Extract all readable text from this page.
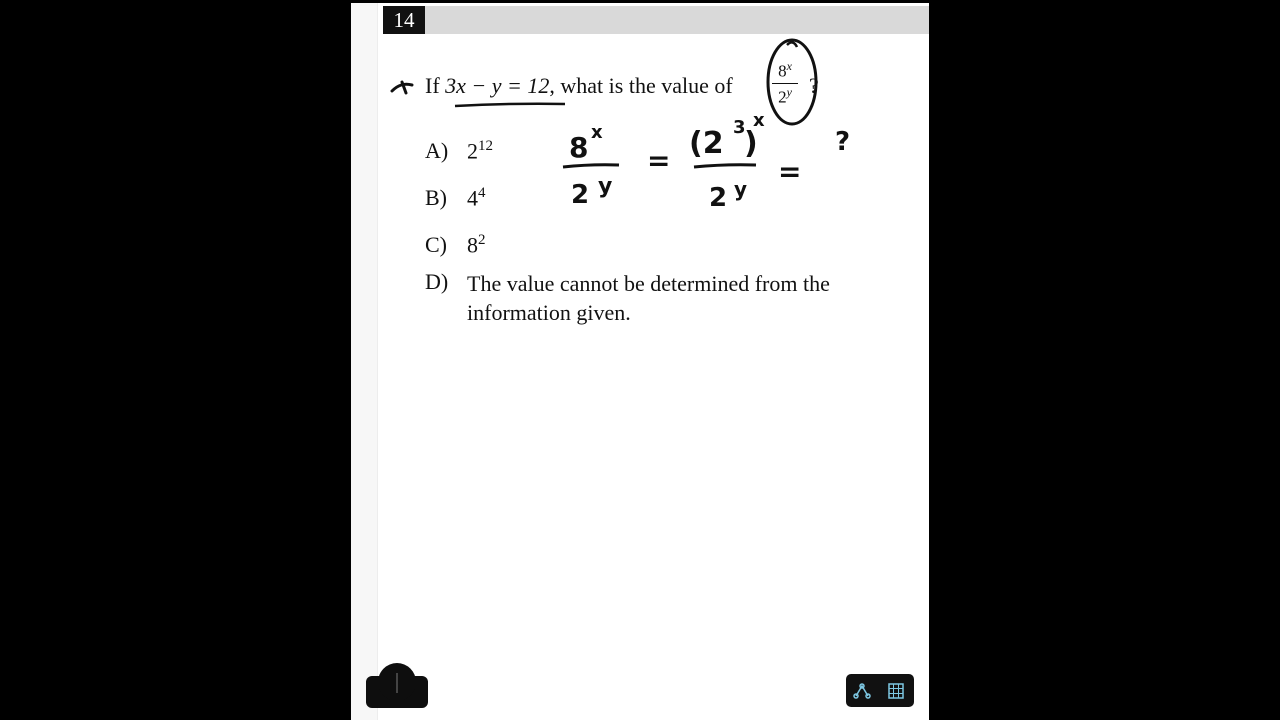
14
If 3x − y = 12, what is the value of
8$^x$
2$^y$ ?
A) $2^{12}$
B) $4^4$
C) $8^2$
D) The value cannot be determined from the information given.
8 x
2 y
= (2 3
)
x
2 y
=
?
